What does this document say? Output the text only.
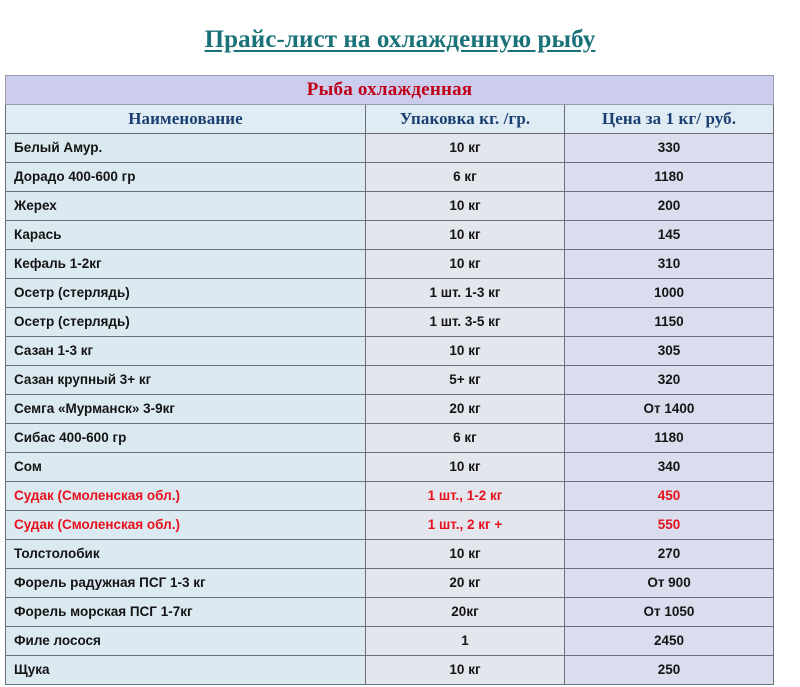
Прайс-лист на охлажденную рыбу
Рыба охлажденная		
Наименование	Упаковка кг. /гр.	Цена за 1 кг/ руб.
Белый Амур.	10 кг	330
Дорадо 400-600 гр	6 кг	1180
Жерех	10 кг	200
Карась	10 кг	145
Кефаль 1-2кг	10 кг	310
Осетр (стерлядь)	1 шт. 1-3 кг	1000
Осетр (стерлядь)	1 шт. 3-5 кг	1150
Сазан 1-3 кг	10 кг	305
Сазан крупный 3+ кг	5+ кг	320
Семга «Мурманск» 3-9кг	20 кг	От 1400
Сибас 400-600 гр	6 кг	1180
Сом	10 кг	340
Судак (Смоленская обл.)	1 шт., 1-2 кг	450
Судак (Смоленская обл.)	1 шт., 2 кг +	550
Толстолобик	10 кг	270
Форель радужная ПСГ 1-3 кг	20 кг	От 900
Форель морская ПСГ 1-7кг	20кг	От 1050
Филе лосося	1	2450
Щука	10 кг	250
